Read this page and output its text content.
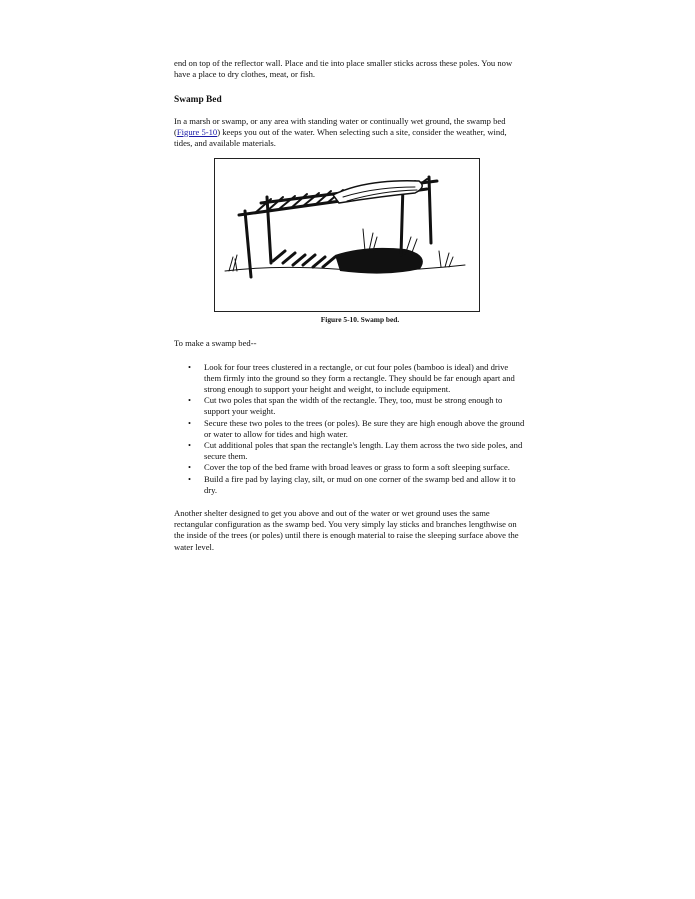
end on top of the reflector wall. Place and tie into place smaller sticks across these poles. You now have a place to dry clothes, meat, or fish.

Swamp Bed

In a marsh or swamp, or any area with standing water or continually wet ground, the swamp bed (Figure 5-10) keeps you out of the water. When selecting such a site, consider the weather, wind, tides, and available materials.

Figure 5-10. Swamp bed.

To make a swamp bed--

• Look for four trees clustered in a rectangle, or cut four poles (bamboo is ideal) and drive them firmly into the ground so they form a rectangle. They should be far enough apart and strong enough to support your height and weight, to include equipment.
• Cut two poles that span the width of the rectangle. They, too, must be strong enough to support your weight.
• Secure these two poles to the trees (or poles). Be sure they are high enough above the ground or water to allow for tides and high water.
• Cut additional poles that span the rectangle's length. Lay them across the two side poles, and secure them.
• Cover the top of the bed frame with broad leaves or grass to form a soft sleeping surface.
• Build a fire pad by laying clay, silt, or mud on one corner of the swamp bed and allow it to dry.

Another shelter designed to get you above and out of the water or wet ground uses the same rectangular configuration as the swamp bed. You very simply lay sticks and branches lengthwise on the inside of the trees (or poles) until there is enough material to raise the sleeping surface above the water level.
